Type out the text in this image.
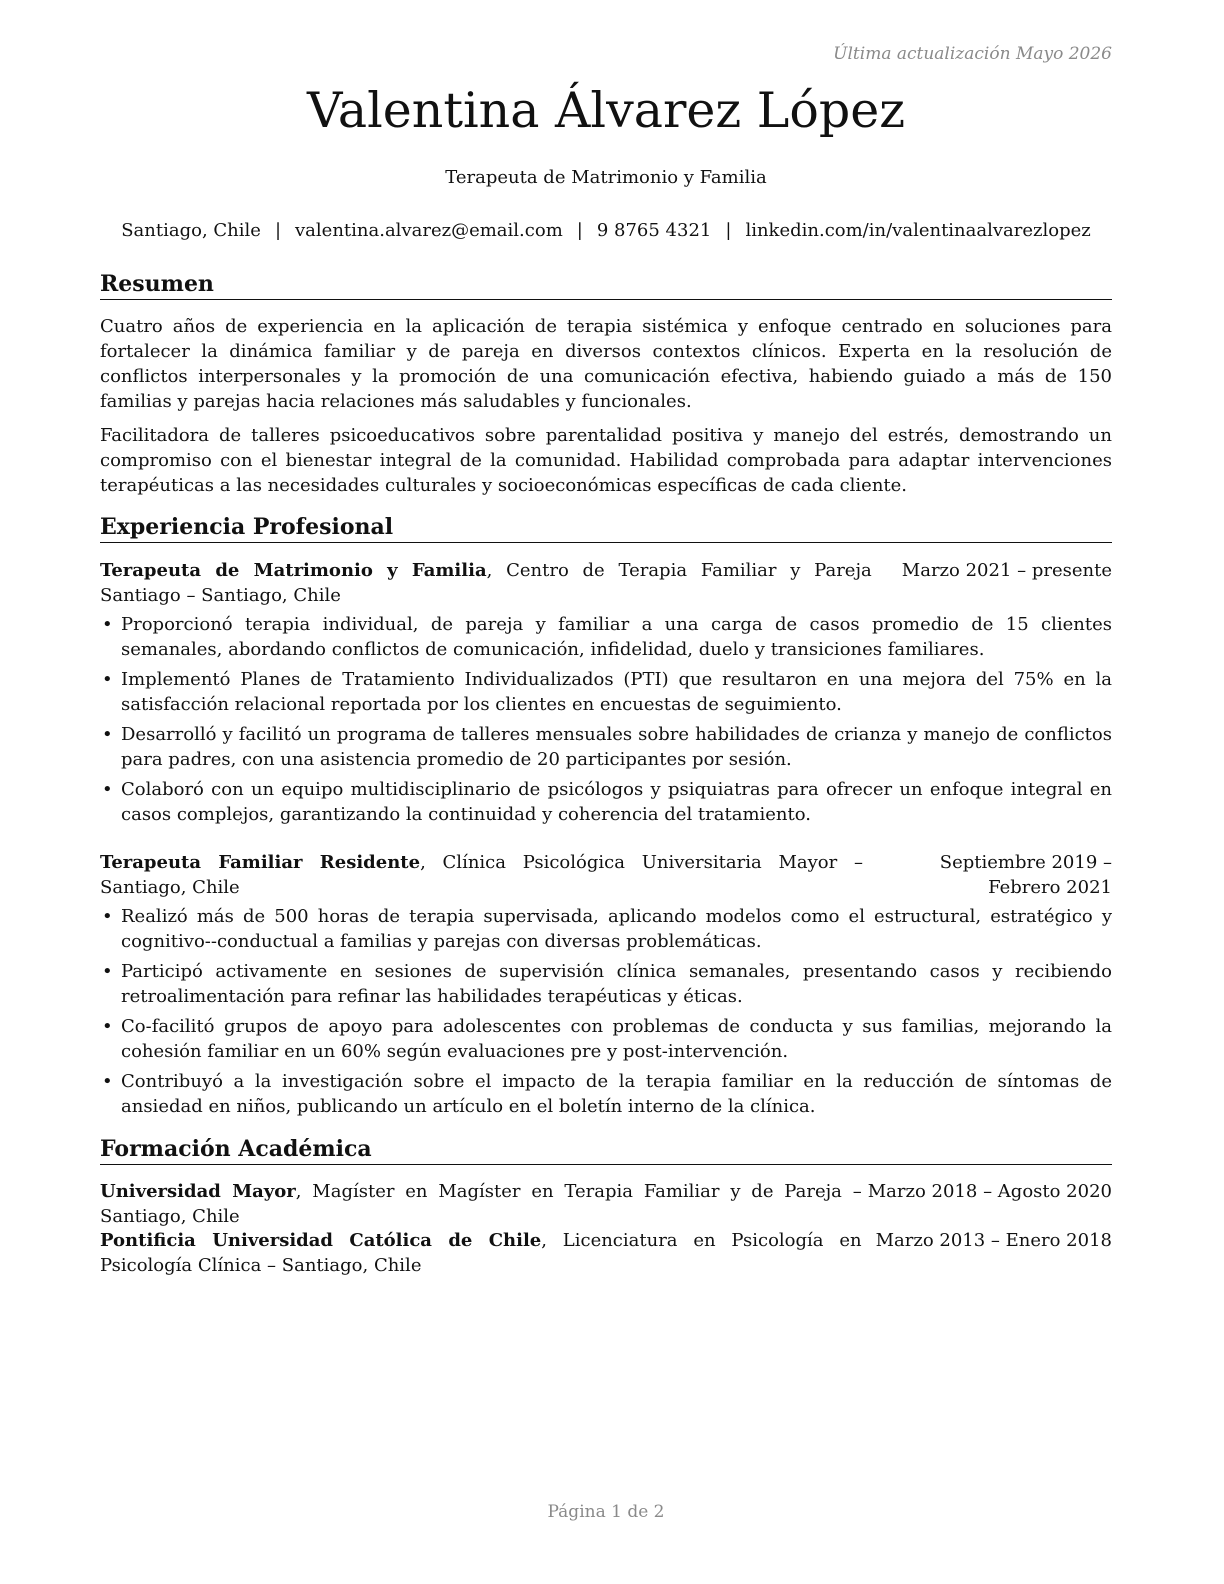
Última actualización Mayo 2026
Valentina Álvarez López
Terapeuta de Matrimonio y Familia
Santiago, Chile | valentina.alvarez@email.com | 9 8765 4321 | linkedin.com/in/valentinaalvarezlopez
Resumen

Cuatro años de experiencia en la aplicación de terapia sistémica y enfoque centrado en soluciones para fortalecer la dinámica familiar y de pareja en diversos contextos clínicos. Experta en la resolución de conflictos interpersonales y la promoción de una comunicación efectiva, habiendo guiado a más de 150 familias y parejas hacia relaciones más saludables y funcionales.

Facilitadora de talleres psicoeducativos sobre parentalidad positiva y manejo del estrés, demostrando un compromiso con el bienestar integral de la comunidad. Habilidad comprobada para adaptar intervenciones terapéuticas a las necesidades culturales y socioeconómicas específicas de cada cliente.

Experiencia Profesional
Terapeuta de Matrimonio y Familia, Centro de Terapia Familiar y Pareja Santiago – Santiago, Chile
Marzo 2021 – presente
• Proporcionó terapia individual, de pareja y familiar a una carga de casos promedio de 15 clientes semanales, abordando conflictos de comunicación, infidelidad, duelo y transiciones familiares.
• Implementó Planes de Tratamiento Individualizados (PTI) que resultaron en una mejora del 75% en la satisfacción relacional reportada por los clientes en encuestas de seguimiento.
• Desarrolló y facilitó un programa de talleres mensuales sobre habilidades de crianza y manejo de conflictos para padres, con una asistencia promedio de 20 participantes por sesión.
• Colaboró con un equipo multidisciplinario de psicólogos y psiquiatras para ofrecer un enfoque integral en casos complejos, garantizando la continuidad y coherencia del tratamiento.
Terapeuta Familiar Residente, Clínica Psicológica Universitaria Mayor – Santiago, Chile
Septiembre 2019 – Febrero 2021
• Realizó más de 500 horas de terapia supervisada, aplicando modelos como el estructural, estratégico y cognitivo--conductual a familias y parejas con diversas problemáticas.
• Participó activamente en sesiones de supervisión clínica semanales, presentando casos y recibiendo retroalimentación para refinar las habilidades terapéuticas y éticas.
• Co-facilitó grupos de apoyo para adolescentes con problemas de conducta y sus familias, mejorando la cohesión familiar en un 60% según evaluaciones pre y post-intervención.
• Contribuyó a la investigación sobre el impacto de la terapia familiar en la reducción de síntomas de ansiedad en niños, publicando un artículo en el boletín interno de la clínica.
Formación Académica
Universidad Mayor, Magíster en Magíster en Terapia Familiar y de Pareja – Santiago, Chile
Marzo 2018 – Agosto 2020
Pontificia Universidad Católica de Chile, Licenciatura en Psicología en Psicología Clínica – Santiago, Chile
Marzo 2013 – Enero 2018
Página 1 de 2
